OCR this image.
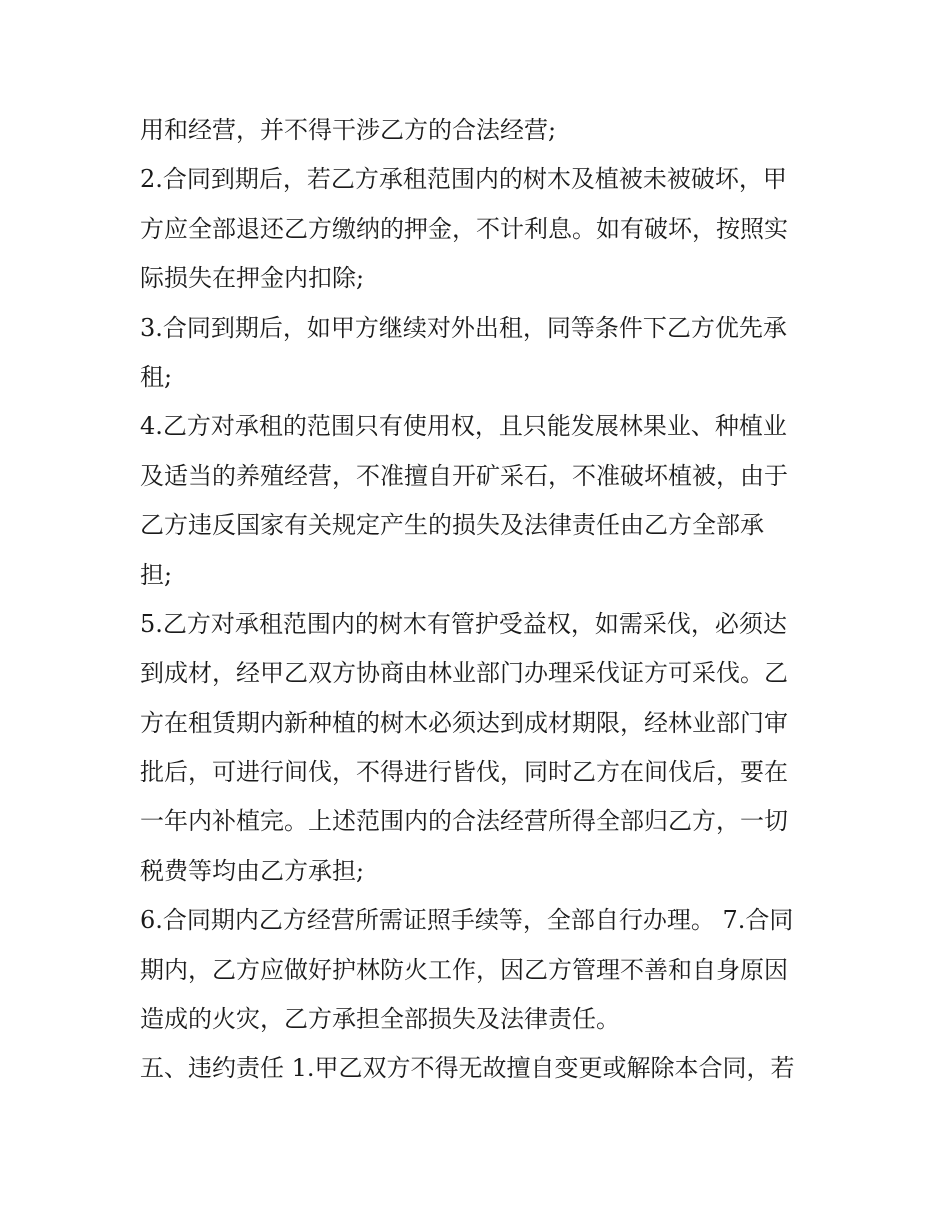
用和经营，并不得干涉乙方的合法经营;

2.合同到期后，若乙方承租范围内的树木及植被未被破坏，甲

方应全部退还乙方缴纳的押金，不计利息。如有破坏，按照实

际损失在押金内扣除;

3.合同到期后，如甲方继续对外出租，同等条件下乙方优先承

租;

4.乙方对承租的范围只有使用权，且只能发展林果业、种植业

及适当的养殖经营，不准擅自开矿采石，不准破坏植被，由于

乙方违反国家有关规定产生的损失及法律责任由乙方全部承

担;

5.乙方对承租范围内的树木有管护受益权，如需采伐，必须达

到成材，经甲乙双方协商由林业部门办理采伐证方可采伐。乙

方在租赁期内新种植的树木必须达到成材期限，经林业部门审

批后，可进行间伐，不得进行皆伐，同时乙方在间伐后，要在

一年内补植完。上述范围内的合法经营所得全部归乙方，一切

税费等均由乙方承担;

6.合同期内乙方经营所需证照手续等，全部自行办理。 7.合同

期内，乙方应做好护林防火工作，因乙方管理不善和自身原因

造成的火灾，乙方承担全部损失及法律责任。

五、违约责任 1.甲乙双方不得无故擅自变更或解除本合同，若
